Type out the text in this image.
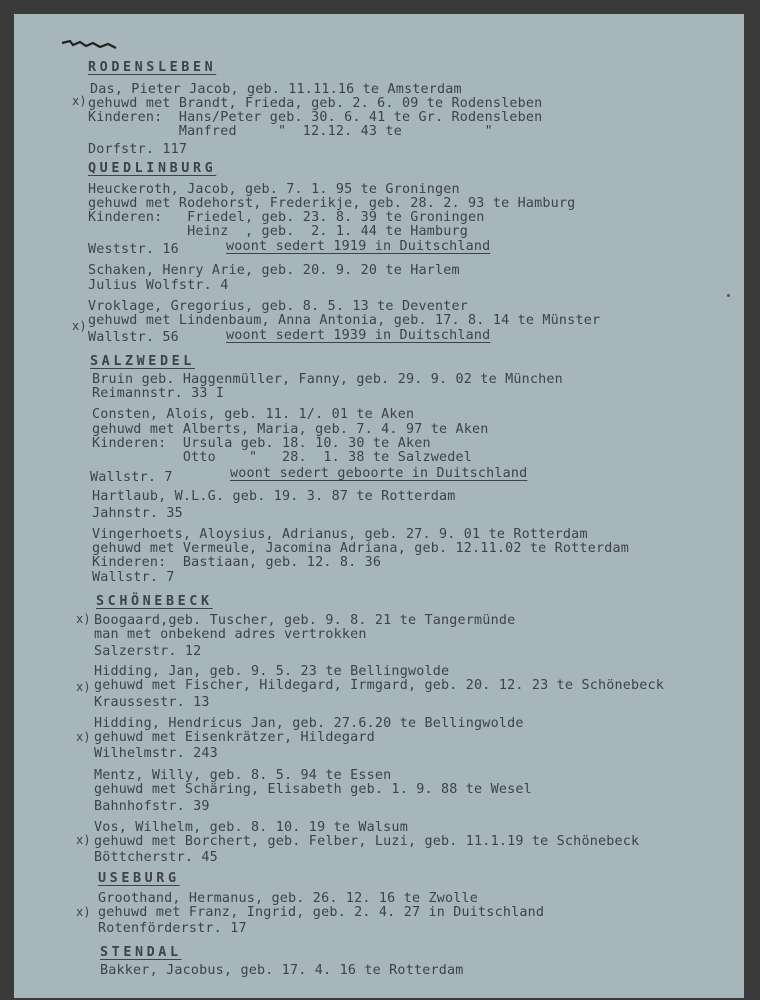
RODENSLEBEN
QUEDLINBURG
SALZWEDEL
SCHÖNEBECK
USEBURG
STENDAL
Das, Pieter Jacob, geb. 11.11.16 te Amsterdam
gehuwd met Brandt, Frieda, geb. 2. 6. 09 te Rodensleben
Kinderen:  Hans/Peter geb. 30. 6. 41 te Gr. Rodensleben
Manfred     "  12.12. 43 te          "
Dorfstr. 117
Heuckeroth, Jacob, geb. 7. 1. 95 te Groningen
gehuwd met Rodehorst, Frederikje, geb. 28. 2. 93 te Hamburg
Kinderen:   Friedel, geb. 23. 8. 39 te Groningen
Heinz  , geb.  2. 1. 44 te Hamburg
Weststr. 16	woont sedert 1919 in Duitschland
Schaken, Henry Arie, geb. 20. 9. 20 te Harlem
Julius Wolfstr. 4
Vroklage, Gregorius, geb. 8. 5. 13 te Deventer
gehuwd met Lindenbaum, Anna Antonia, geb. 17. 8. 14 te Münster
Wallstr. 56	woont sedert 1939 in Duitschland
Bruin geb. Haggenmüller, Fanny, geb. 29. 9. 02 te München
Reimannstr. 33 I
Consten, Alois, geb. 11. 1/. 01 te Aken
gehuwd met Alberts, Maria, geb. 7. 4. 97 te Aken
Kinderen:  Ursula geb. 18. 10. 30 te Aken
Otto    "   28.  1. 38 te Salzwedel
Wallstr. 7	woont sedert geboorte in Duitschland
Hartlaub, W.L.G. geb. 19. 3. 87 te Rotterdam
Jahnstr. 35
Vingerhoets, Aloysius, Adrianus, geb. 27. 9. 01 te Rotterdam
gehuwd met Vermeule, Jacomina Adriana, geb. 12.11.02 te Rotterdam
Kinderen:  Bastiaan, geb. 12. 8. 36
Wallstr. 7
x) Boogaard,geb. Tuscher, geb. 9. 8. 21 te Tangermünde
man met onbekend adres vertrokken
Salzerstr. 12
x)
Hidding, Jan, geb. 9. 5. 23 te Bellingwolde
gehuwd met Fischer, Hildegard, Irmgard, geb. 20. 12. 23 te Schönebeck
Kraussestr. 13
x)
Hidding, Hendricus Jan, geb. 27.6.20 te Bellingwolde
gehuwd met Eisenkrätzer, Hildegard
Wilhelmstr. 243
Mentz, Willy, geb. 8. 5. 94 te Essen
gehuwd met Schäring, Elisabeth geb. 1. 9. 88 te Wesel
Bahnhofstr. 39
x)
Vos, Wilhelm, geb. 8. 10. 19 te Walsum
gehuwd met Borchert, geb. Felber, Luzi, geb. 11.1.19 te Schönebeck
Böttcherstr. 45
x)
Groothand, Hermanus, geb. 26. 12. 16 te Zwolle
gehuwd met Franz, Ingrid, geb. 2. 4. 27 in Duitschland
Rotenförderstr. 17
Bakker, Jacobus, geb. 17. 4. 16 te Rotterdam
x)
x)
